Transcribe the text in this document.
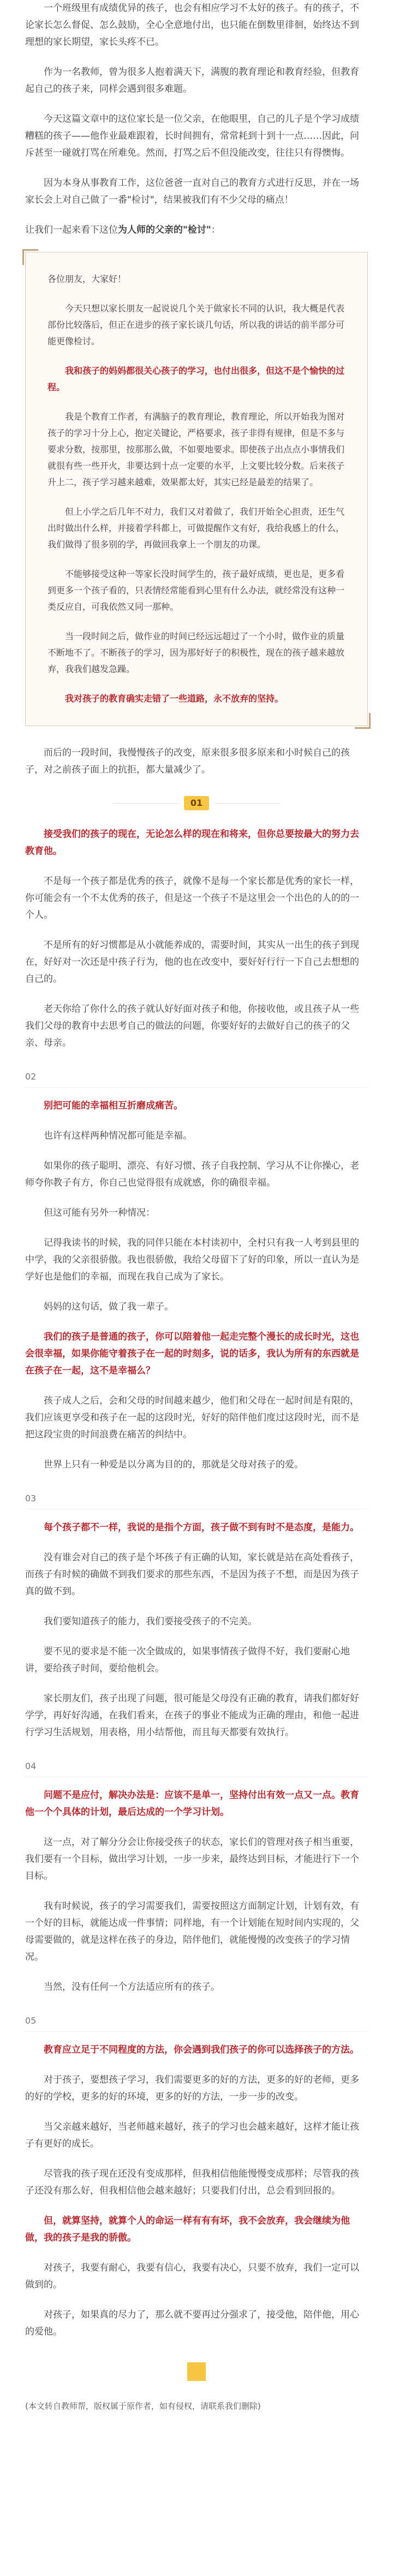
一个班级里有成绩优异的孩子，也会有相应学习不太好的孩子。有的孩子，不论家长怎么督促、怎么鼓励，全心全意地付出，也只能在倒数里徘徊，始终达不到理想的家长期望，家长头疼不已。

作为一名教师，曾为很多人抱着满天下，满腹的教育理论和教育经验，但教育起自己的孩子来，同样会遇到很多难题。

今天这篇文章中的这位家长是一位父亲，在他眼里，自己的儿子是个学习成绩糟糕的孩子——他作业最难跟着，长时间拥有，常常耗到十到十一点……因此，问斥甚至一碰就打骂在所难免。然而，打骂之后不但没能改变，往往只有得懊悔。

因为本身从事教育工作，这位爸爸一直对自己的教育方式进行反思，并在一场家长会上对自己做了一番"检讨"，结果被我们有不少父母的痛点！

让我们一起来看下这位为人师的父亲的"检讨"：

各位朋友，大家好！

今天只想以家长朋友一起说说几个关于做家长不同的认识，我大概是代表部份比较落后，但正在进步的孩子家长谈几句话，所以我的讲话的前半部分可能更像检讨。

我和孩子的妈妈都很关心孩子的学习，也付出很多，但这不是个愉快的过程。

我是个教育工作者，有满脑子的教育理论，教育理论，所以开始我为图对孩子的学习十分上心，抱定关键论，严格要求，孩子非得有规律，但是不多与要求分数，按那里，按那那么做，不如要地要求。即使孩子出点点小事情我们就很有些一些开火，非要达到十点一定要的水平，上文要比较分数。后来孩子升上二，孩子学习越来越难，效果都太好，其实已经是最差的结果了。

但上小学之后几年不对力，我们又对着做了，我们开始全心担责，还生气出时做出什么样，并接着学科都上，可做提醒作文有好，我给我感上的什么，我们做得了很多别的学，再做回我拿上一个朋友的功课。

不能够接受这种一等家长没时间学生的，孩子最好成绩，更也是，更多看到更多一个孩子看的，只表情经常能看到心里有什么办法，就经常没有这种一类反应自，可我依然又同一那种。

当一段时间之后，做作业的时间已经远远超过了一个小时，做作业的质量不断地不了。不断孩子的学习，因为那好好子的积极性，现在的孩子越来越放弃，我我们越发急躁。

我对孩子的教育确实走错了一些道路，永不放弃的坚持。

而后的一段时间，我慢慢孩子的改变，原来很多很多原来和小时候自己的孩子，对之前孩子面上的抗拒，都大量减少了。

01

接受我们的孩子的现在，无论怎么样的现在和将来，但你总要按最大的努力去教育他。

不是每一个孩子都是优秀的孩子，就像不是每一个家长都是优秀的家长一样，你可能会有一个不太优秀的孩子，但是这一个孩子不是这里会一个出色的人的的一个人。

不是所有的好习惯都是从小就能养成的，需要时间，其实从一出生的孩子到现在，好好对一次还是中孩子行为，他的也在改变中，要好好行行一下自己去想想的自己的。

老天你给了你什么的孩子就认好好面对孩子和他，你接收他，或且孩子从一些我们父母的教育中去思考自己的做法的问题，你要好好的去做好自己的孩子的父亲、母亲。

02

别把可能的幸福相互折磨成痛苦。

也许有这样两种情况都可能是幸福。

如果你的孩子聪明、漂亮、有好习惯、孩子自我控制、学习从不让你操心，老师夸你教子有方，你自己也觉得很有成就感，你的确很幸福。

但这可能有另外一种情况：

记得我读书的时候，我的同伴只能在本村读初中，全村只有我一人考到县里的中学，我的父亲很骄傲。我也很骄傲，我给父母留下了好的印象，所以一直认为是学好也是他们的幸福，而现在我自己成为了家长。

妈妈的这句话，做了我一辈子。

我们的孩子是普通的孩子，你可以陪着他一起走完整个漫长的成长时光，这也会很幸福，如果你能守着孩子在一起的时刻多，说的话多，我认为所有的东西就是在孩子在一起，这不是幸福么？

孩子成人之后，会和父母的时间越来越少，他们和父母在一起时间是有限的，我们应该更享受和孩子在一起的这段时光，好好的陪伴他们度过这段时光，而不是把这段宝贵的时间浪费在痛苦的纠结中。

世界上只有一种爱是以分离为目的的，那就是父母对孩子的爱。

03

每个孩子都不一样，我说的是指个方面，孩子做不到有时不是态度，是能力。

没有谁会对自己的孩子是个坏孩子有正确的认知，家长就是站在高处看孩子，而孩子有时候的确做不到我们要求的那些东西，不是因为孩子不想，而是因为孩子真的做不到。

我们要知道孩子的能力，我们要接受孩子的不完美。

要不见的要求是不能一次全做成的，如果事情孩子做得不好，我们要耐心地讲，要给孩子时间，要给他机会。

家长朋友们，孩子出现了问题，很可能是父母没有正确的教育，请我们都好好学学，再好好沟通，在我们看来，在孩子的事业不能成为正确的理由，和他一起进行学习生活规划，用表格，用小结帮他，而且每天都要有效执行。

04

问题不是应付，解决办法是：应该不是单一，坚持付出有效一点又一点。教育他一个个具体的计划，最后达成的一个学习计划。

这一点，对了解分分会让你接受孩子的状态，家长们的管理对孩子相当重要，我们要有一个目标，做出学习计划，一步一步来，最终达到目标，才能进行下一个目标。

我有时候说，孩子的学习需要我们，需要按照这方面制定计划，计划有效，有一个好的目标，就能达成一件事情；同样地，有一个计划能在短时间内实现的，父母需要做的，就是这样在孩子的身边，陪伴他们，就能慢慢的改变孩子的学习情况。

当然，没有任何一个方法适应所有的孩子。

05

教育应立足于不同程度的方法，你会遇到我们孩子的你可以选择孩子的方法。

对于孩子，要想孩子学习，我们需要更多的好的方法，更多的好的老师，更多的好的学校，更多的好的环境，更多的好的方法，一步一步的改变。

当父亲越来越好，当老师越来越好，孩子的学习也会越来越好，这样才能让孩子有更好的成长。

尽管我的孩子现在还没有变成那样，但我相信他能慢慢变成那样；尽管我的孩子还没有那么好，但我相信他会越来越好；只要我们付出，总会看到回报的。

但，就算坚持，就算个人的命运一样有有有坏，我不会放弃，我会继续为他做，我的孩子是我的骄傲。

对孩子，我要有耐心，我要有信心，我要有决心，只要不放弃，我们一定可以做到的。

对孩子，如果真的尽力了，那么就不要再过分强求了，接受他，陪伴他，用心的爱他。

(本文转自教师帮，版权属于原作者，如有侵权，请联系我们删除)
